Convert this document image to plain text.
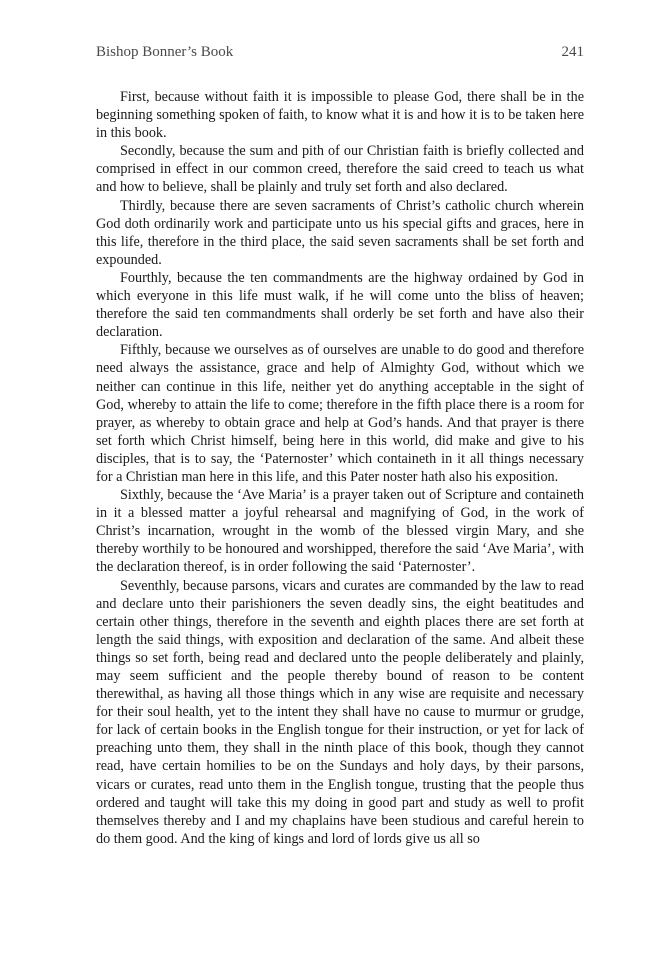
Bishop Bonner’s Book	241

First, because without faith it is impossible to please God, there shall be in the beginning something spoken of faith, to know what it is and how it is to be taken here in this book.

Secondly, because the sum and pith of our Christian faith is briefly collected and comprised in effect in our common creed, therefore the said creed to teach us what and how to believe, shall be plainly and truly set forth and also declared.

Thirdly, because there are seven sacraments of Christ’s catholic church wherein God doth ordinarily work and participate unto us his special gifts and graces, here in this life, therefore in the third place, the said seven sacraments shall be set forth and expounded.

Fourthly, because the ten commandments are the highway ordained by God in which everyone in this life must walk, if he will come unto the bliss of heaven; therefore the said ten commandments shall orderly be set forth and have also their declaration.

Fifthly, because we ourselves as of ourselves are unable to do good and therefore need always the assistance, grace and help of Almighty God, without which we neither can continue in this life, neither yet do anything acceptable in the sight of God, whereby to attain the life to come; therefore in the fifth place there is a room for prayer, as whereby to obtain grace and help at God’s hands. And that prayer is there set forth which Christ himself, being here in this world, did make and give to his disciples, that is to say, the ‘Paternoster’ which containeth in it all things necessary for a Christian man here in this life, and this Pater noster hath also his exposition.

Sixthly, because the ‘Ave Maria’ is a prayer taken out of Scripture and containeth in it a blessed matter a joyful rehearsal and magnifying of God, in the work of Christ’s incarnation, wrought in the womb of the blessed virgin Mary, and she thereby worthily to be honoured and worshipped, therefore the said ‘Ave Maria’, with the declaration thereof, is in order following the said ‘Paternoster’.

Seventhly, because parsons, vicars and curates are commanded by the law to read and declare unto their parishioners the seven deadly sins, the eight beatitudes and certain other things, therefore in the seventh and eighth places there are set forth at length the said things, with exposition and declaration of the same. And albeit these things so set forth, being read and declared unto the people deliberately and plainly, may seem sufficient and the people thereby bound of reason to be content therewithal, as having all those things which in any wise are requisite and necessary for their soul health, yet to the intent they shall have no cause to murmur or grudge, for lack of certain books in the English tongue for their instruction, or yet for lack of preaching unto them, they shall in the ninth place of this book, though they cannot read, have certain homilies to be on the Sundays and holy days, by their parsons, vicars or curates, read unto them in the English tongue, trusting that the people thus ordered and taught will take this my doing in good part and study as well to profit themselves thereby and I and my chaplains have been studious and careful herein to do them good. And the king of kings and lord of lords give us all so
